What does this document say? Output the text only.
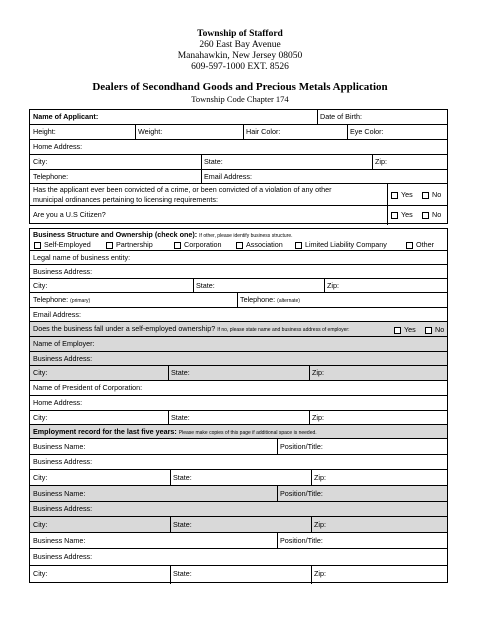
Township of Stafford
260 East Bay Avenue
Manahawkin, New Jersey 08050
609-597-1000 EXT. 8526
Dealers of Secondhand Goods and Precious Metals Application
Township Code Chapter 174
Name of Applicant:	Date of Birth:
Height:	Weight:	Hair Color:	Eye Color:
Home Address:
City:	State:	Zip:
Telephone:	Email Address:
Has the applicant ever been convicted of a crime, or been convicted of a violation of any other
municipal ordinances pertaining to licensing requirements:
Yes	No
Are you a U.S Citizen?	Yes	No
Business Structure and Ownership (check one): If other, please identify business structure.
Self-Employed	Partnership	Corporation	Association	Limited Liability Company	Other
Legal name of business entity:
Business Address:
City:	State:	Zip:
Telephone: (primary)	Telephone: (alternate)
Email Address:
Does the business fall under a self-employed ownership? If no, please state name and business address of employer:	Yes	No
Name of Employer:
Business Address:
City:	State:	Zip:
Name of President of Corporation:
Home Address:
City:	State:	Zip:
Employment record for the last five years: Please make copies of this page if additional space is needed.
Business Name:	Position/Title:
Business Address:
City:	State:	Zip:
Business Name:	Position/Title:
Business Address:
City:	State:	Zip:
Business Name:	Position/Title:
Business Address:
City:	State:	Zip:
